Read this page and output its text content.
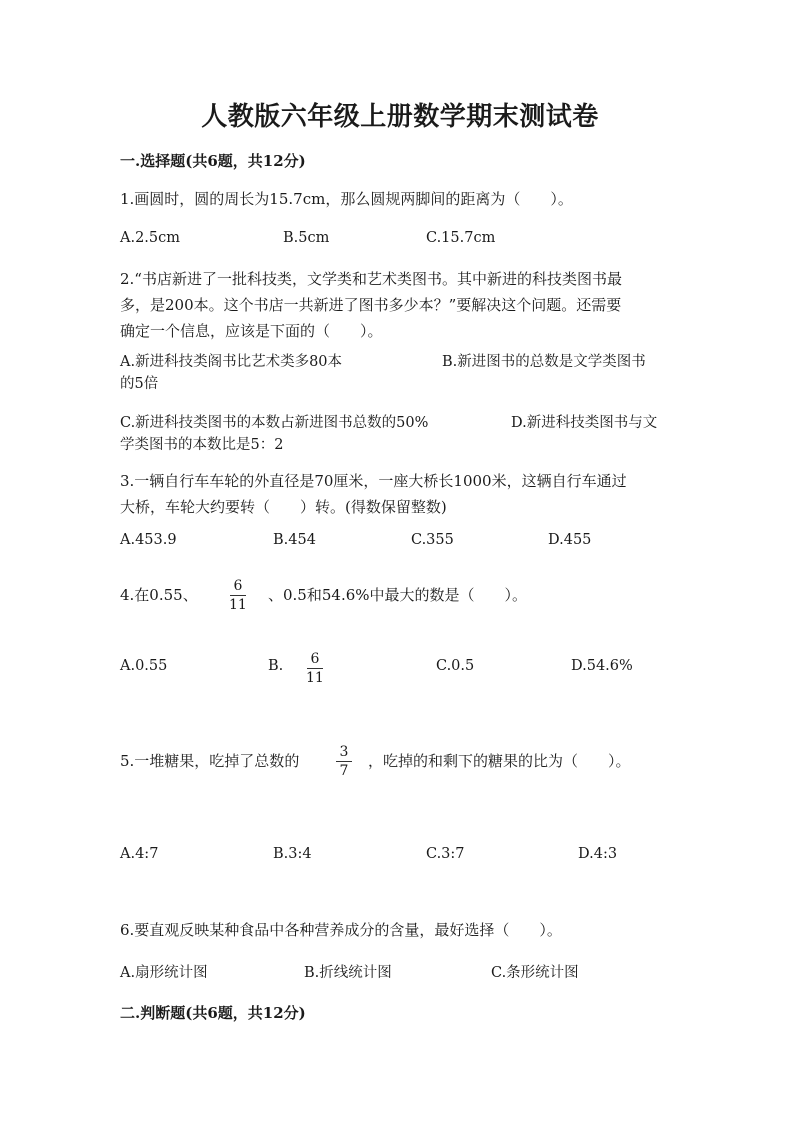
人教版六年级上册数学期末测试卷
一.选择题(共6题，共12分)
1.画圆时，圆的周长为15.7cm，那么圆规两脚间的距离为（　　）。
A.2.5cm	B.5cm	C.15.7cm
2.“书店新进了一批科技类，文学类和艺术类图书。其中新进的科技类图书最
多，是200本。这个书店一共新进了图书多少本？”要解决这个问题。还需要
确定一个信息，应该是下面的（　　）。
A.新进科技类阁书比艺术类多80本	B.新进图书的总数是文学类图书
的5倍
C.新进科技类图书的本数占新进图书总数的50%	D.新进科技类图书与文
学类图书的本数比是5：2
3.一辆自行车车轮的外直径是70厘米，一座大桥长1000米，这辆自行车通过
大桥，车轮大约要转（　　）转。(得数保留整数)
A.453.9	B.454	C.355	D.455
4.在0.55、	6
11
、0.5和54.6%中最大的数是（　　）。
A.0.55	B. 6
11
C.0.5	D.54.6%
5.一堆糖果，吃掉了总数的	3
7
，吃掉的和剩下的糖果的比为（　　）。
A.4:7	B.3:4	C.3:7	D.4:3
6.要直观反映某种食品中各种营养成分的含量，最好选择（　　）。
A.扇形统计图	B.折线统计图	C.条形统计图
二.判断题(共6题，共12分)
